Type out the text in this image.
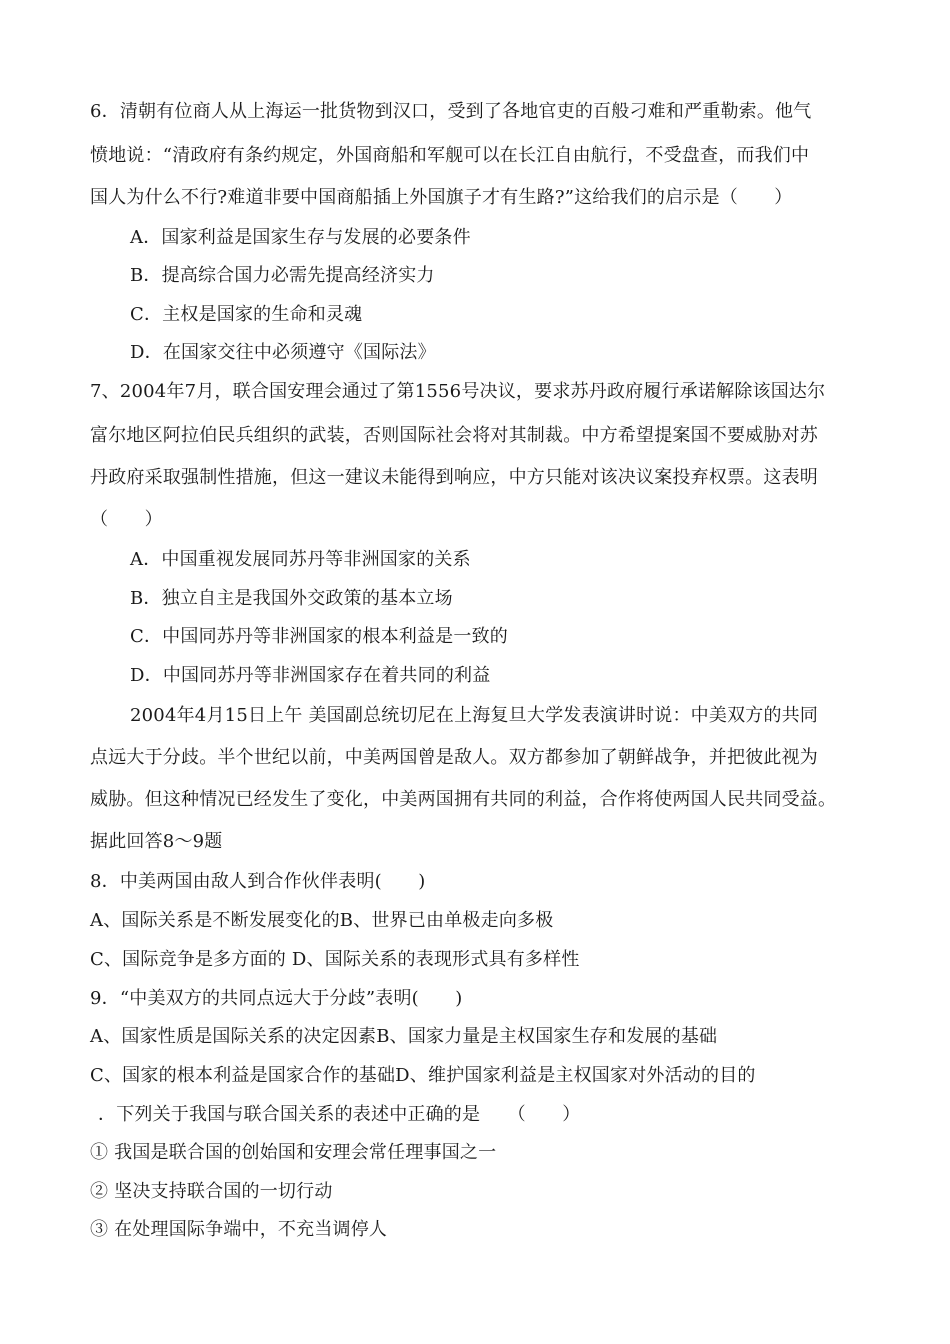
6．清朝有位商人从上海运一批货物到汉口，受到了各地官吏的百般刁难和严重勒索。他气
愤地说：“清政府有条约规定，外国商船和军舰可以在长江自由航行，不受盘查，而我们中
国人为什么不行?难道非要中国商船插上外国旗子才有生路?”这给我们的启示是（　　）
A．国家利益是国家生存与发展的必要条件
B．提高综合国力必需先提高经济实力
C．主权是国家的生命和灵魂
D．在国家交往中必须遵守《国际法》
7、2004年7月，联合国安理会通过了第1556号决议，要求苏丹政府履行承诺解除该国达尔
富尔地区阿拉伯民兵组织的武装，否则国际社会将对其制裁。中方希望提案国不要威胁对苏
丹政府采取强制性措施，但这一建议未能得到响应，中方只能对该决议案投弃权票。这表明
（　　）
A．中国重视发展同苏丹等非洲国家的关系
B．独立自主是我国外交政策的基本立场
C．中国同苏丹等非洲国家的根本利益是一致的
D．中国同苏丹等非洲国家存在着共同的利益
2004年4月15日上午 美国副总统切尼在上海复旦大学发表演讲时说：中美双方的共同
点远大于分歧。半个世纪以前，中美两国曾是敌人。双方都参加了朝鲜战争，并把彼此视为
威胁。但这种情况已经发生了变化，中美两国拥有共同的利益，合作将使两国人民共同受益。
据此回答8～9题
8．中美两国由敌人到合作伙伴表明(　　)
A、国际关系是不断发展变化的B、世界已由单极走向多极
C、国际竞争是多方面的 D、国际关系的表现形式具有多样性
9．“中美双方的共同点远大于分歧”表明(　　)
A、国家性质是国际关系的决定因素B、国家力量是主权国家生存和发展的基础
C、国家的根本利益是国家合作的基础D、维护国家利益是主权国家对外活动的目的
．下列关于我国与联合国关系的表述中正确的是　　（　　）
① 我国是联合国的创始国和安理会常任理事国之一
② 坚决支持联合国的一切行动
③ 在处理国际争端中，不充当调停人
